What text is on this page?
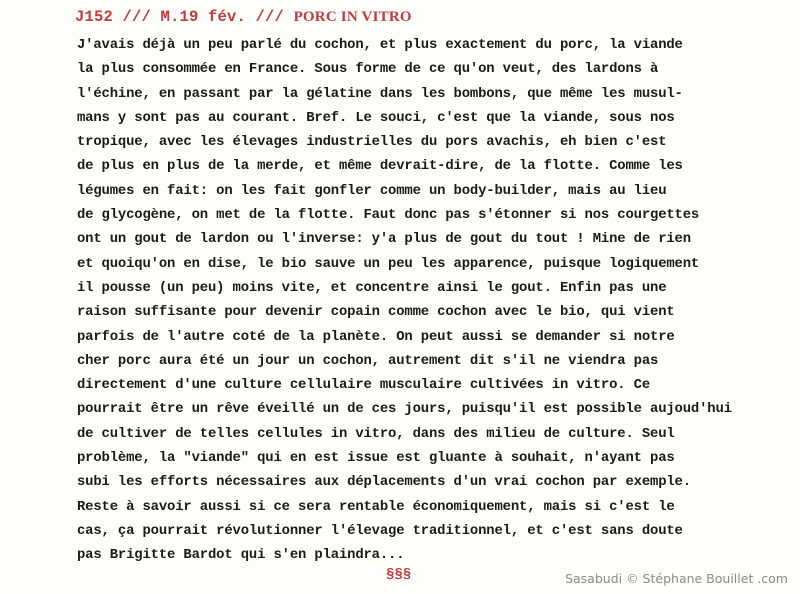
J152 /// M.19 fév. /// PORC IN VITRO
J'avais déjà un peu parlé du cochon, et plus exactement du porc, la viande
la plus consommée en France. Sous forme de ce qu'on veut, des lardons à
l'échine, en passant par la gélatine dans les bombons, que même les musul-
mans y sont pas au courant. Bref. Le souci, c'est que la viande, sous nos
tropique, avec les élevages industrielles du pors avachis, eh bien c'est
de plus en plus de la merde, et même devrait-dire, de la flotte. Comme les
légumes en fait: on les fait gonfler comme un body-builder, mais au lieu
de glycogène, on met de la flotte. Faut donc pas s'étonner si nos courgettes
ont un gout de lardon ou l'inverse: y'a plus de gout du tout ! Mine de rien
et quoiqu'on en dise, le bio sauve un peu les apparence, puisque logiquement
il pousse (un peu) moins vite, et concentre ainsi le gout. Enfin pas une
raison suffisante pour devenir copain comme cochon avec le bio, qui vient
parfois de l'autre coté de la planète. On peut aussi se demander si notre
cher porc aura été un jour un cochon, autrement dit s'il ne viendra pas
directement d'une culture cellulaire musculaire cultivées in vitro. Ce
pourrait être un rêve éveillé un de ces jours, puisqu'il est possible aujoud'hui
de cultiver de telles cellules in vitro, dans des milieu de culture. Seul
problème, la "viande" qui en est issue est gluante à souhait, n'ayant pas
subi les efforts nécessaires aux déplacements d'un vrai cochon par exemple.
Reste à savoir aussi si ce sera rentable économiquement, mais si c'est le
cas, ça pourrait révolutionner l'élevage traditionnel, et c'est sans doute
pas Brigitte Bardot qui s'en plaindra...
§§§	Sasabudi © Stéphane Bouillet .com
